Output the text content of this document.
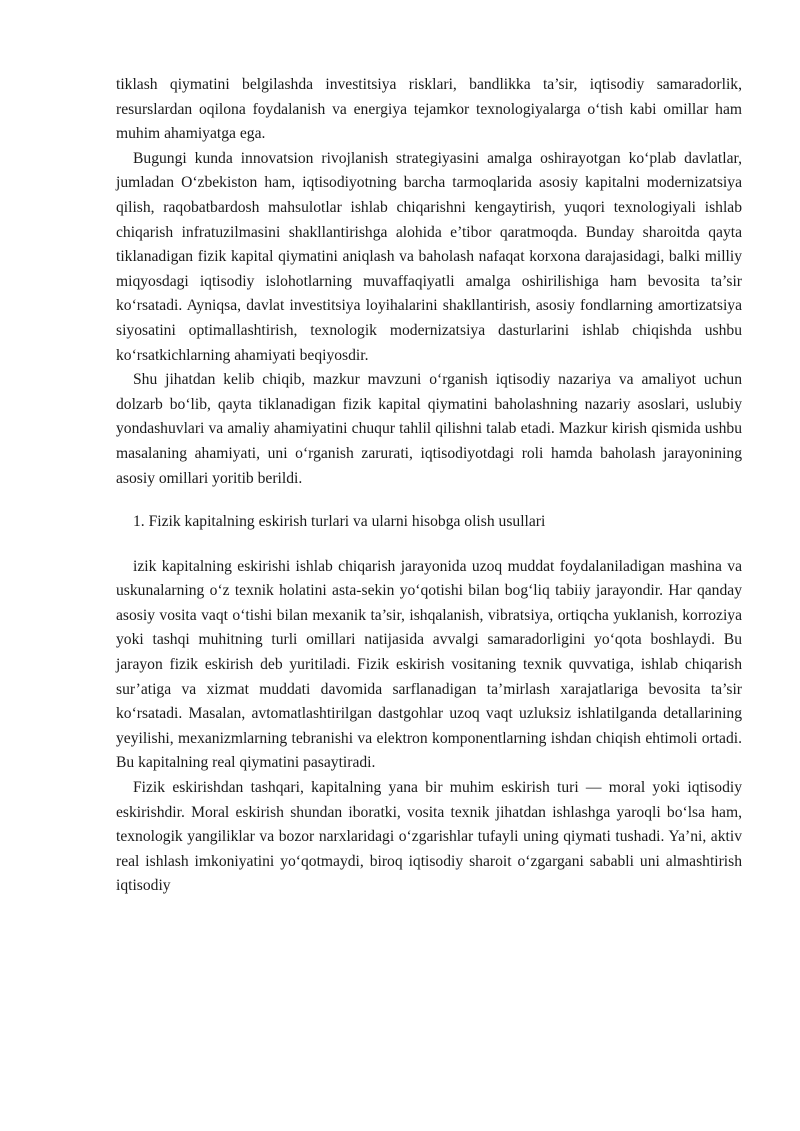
tiklash qiymatini belgilashda investitsiya risklari, bandlikka ta’sir, iqtisodiy samaradorlik, resurslardan oqilona foydalanish va energiya tejamkor texnologiyalarga o‘tish kabi omillar ham muhim ahamiyatga ega.

Bugungi kunda innovatsion rivojlanish strategiyasini amalga oshirayotgan ko‘plab davlatlar, jumladan O‘zbekiston ham, iqtisodiyotning barcha tarmoqlarida asosiy kapitalni modernizatsiya qilish, raqobatbardosh mahsulotlar ishlab chiqarishni kengaytirish, yuqori texnologiyali ishlab chiqarish infratuzilmasini shakllantirishga alohida e’tibor qaratmoqda. Bunday sharoitda qayta tiklanadigan fizik kapital qiymatini aniqlash va baholash nafaqat korxona darajasidagi, balki milliy miqyosdagi iqtisodiy islohotlarning muvaffaqiyatli amalga oshirilishiga ham bevosita ta’sir ko‘rsatadi. Ayniqsa, davlat investitsiya loyihalarini shakllantirish, asosiy fondlarning amortizatsiya siyosatini optimallashtirish, texnologik modernizatsiya dasturlarini ishlab chiqishda ushbu ko‘rsatkichlarning ahamiyati beqiyosdir.

Shu jihatdan kelib chiqib, mazkur mavzuni o‘rganish iqtisodiy nazariya va amaliyot uchun dolzarb bo‘lib, qayta tiklanadigan fizik kapital qiymatini baholashning nazariy asoslari, uslubiy yondashuvlari va amaliy ahamiyatini chuqur tahlil qilishni talab etadi. Mazkur kirish qismida ushbu masalaning ahamiyati, uni o‘rganish zarurati, iqtisodiyotdagi roli hamda baholash jarayonining asosiy omillari yoritib berildi.

1. Fizik kapitalning eskirish turlari va ularni hisobga olish usullari

izik kapitalning eskirishi ishlab chiqarish jarayonida uzoq muddat foydalaniladigan mashina va uskunalarning o‘z texnik holatini asta-sekin yo‘qotishi bilan bog‘liq tabiiy jarayondir. Har qanday asosiy vosita vaqt o‘tishi bilan mexanik ta’sir, ishqalanish, vibratsiya, ortiqcha yuklanish, korroziya yoki tashqi muhitning turli omillari natijasida avvalgi samaradorligini yo‘qota boshlaydi. Bu jarayon fizik eskirish deb yuritiladi. Fizik eskirish vositaning texnik quvvatiga, ishlab chiqarish sur’atiga va xizmat muddati davomida sarflanadigan ta’mirlash xarajatlariga bevosita ta’sir ko‘rsatadi. Masalan, avtomatlashtirilgan dastgohlar uzoq vaqt uzluksiz ishlatilganda detallarining yeyilishi, mexanizmlarning tebranishi va elektron komponentlarning ishdan chiqish ehtimoli ortadi. Bu kapitalning real qiymatini pasaytiradi.

Fizik eskirishdan tashqari, kapitalning yana bir muhim eskirish turi — moral yoki iqtisodiy eskirishdir. Moral eskirish shundan iboratki, vosita texnik jihatdan ishlashga yaroqli bo‘lsa ham, texnologik yangiliklar va bozor narxlaridagi o‘zgarishlar tufayli uning qiymati tushadi. Ya’ni, aktiv real ishlash imkoniyatini yo‘qotmaydi, biroq iqtisodiy sharoit o‘zgargani sababli uni almashtirish iqtisodiy
